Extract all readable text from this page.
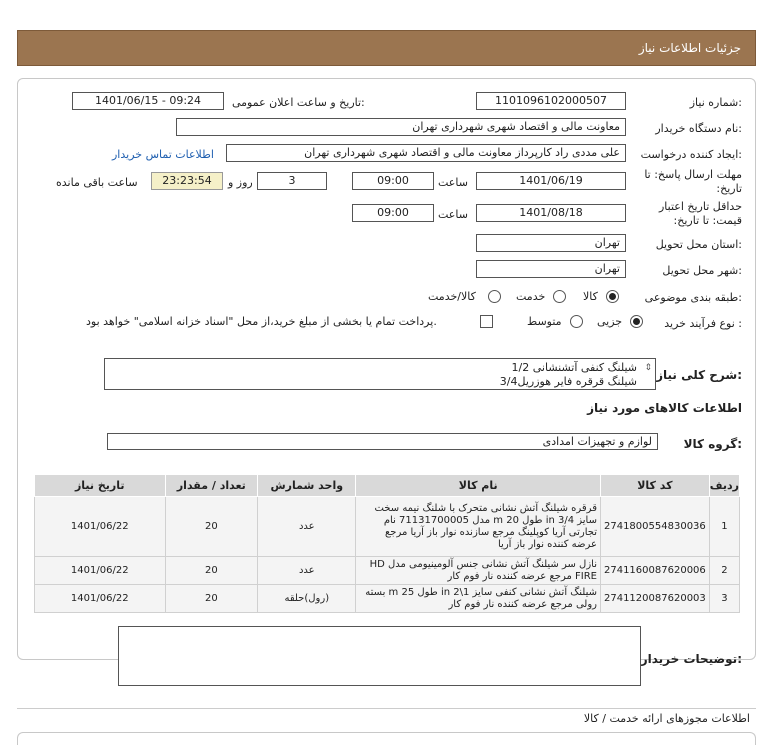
جزئیات اطلاعات نیاز
شماره نیاز:
1101096102000507
تاریخ و ساعت اعلان عمومی:
1401/06/15 - 09:24
نام دستگاه خریدار:
معاونت مالی و اقتصاد شهری شهرداری تهران
ایجاد کننده درخواست:
علی مددی راد کارپرداز معاونت مالی و اقتصاد شهری شهرداری تهران
اطلاعات تماس خریدار
مهلت ارسال پاسخ: تا تاریخ:
1401/06/19
ساعت
09:00
3
روز و
23:23:54
ساعت باقی مانده
حداقل تاریخ اعتبار قیمت: تا تاریخ:
1401/08/18
ساعت
09:00
استان محل تحویل:
تهران
شهر محل تحویل:
تهران
طبقه بندی موضوعی:
کالا
خدمت
کالا/خدمت
نوع فرآیند خرید :
جزیی
متوسط
پرداخت تمام یا بخشی از مبلغ خرید،از محل "اسناد خزانه اسلامی" خواهد بود.
شرح کلی نیاز:
⇕
شیلنگ کنفی آتشنشانی 1/2
شیلنگ قرقره فایر هوزریل3/4
اطلاعات کالاهای مورد نیاز
گروه کالا:
لوازم و تجهیزات امدادی
ردیف	کد کالا	نام کالا	واحد شمارش	تعداد / مقدار	تاریخ نیاز
1	2741800554830036	قرقره شیلنگ آتش نشانی متحرک با شلنگ نیمه سخت سایز in 3/4 طول m 20 مدل 71131700005 نام تجارتی آریا کوپلینگ مرجع سازنده نوار باز آریا مرجع عرضه کننده نوار باز آریا	عدد	20	1401/06/22
2	2741160087620006	نازل سر شیلنگ آتش نشانی جنس آلومینیومی مدل HD FIRE مرجع عرضه کننده نار فوم کار	عدد	20	1401/06/22
3	2741120087620003	شیلنگ آتش نشانی کنفی سایز in 2\1 طول m 25 بسته رولی مرجع عرضه کننده نار فوم کار	(رول)حلقه	20	1401/06/22
توضیحات خریدار:
اطلاعات مجوزهای ارائه خدمت / کالا
